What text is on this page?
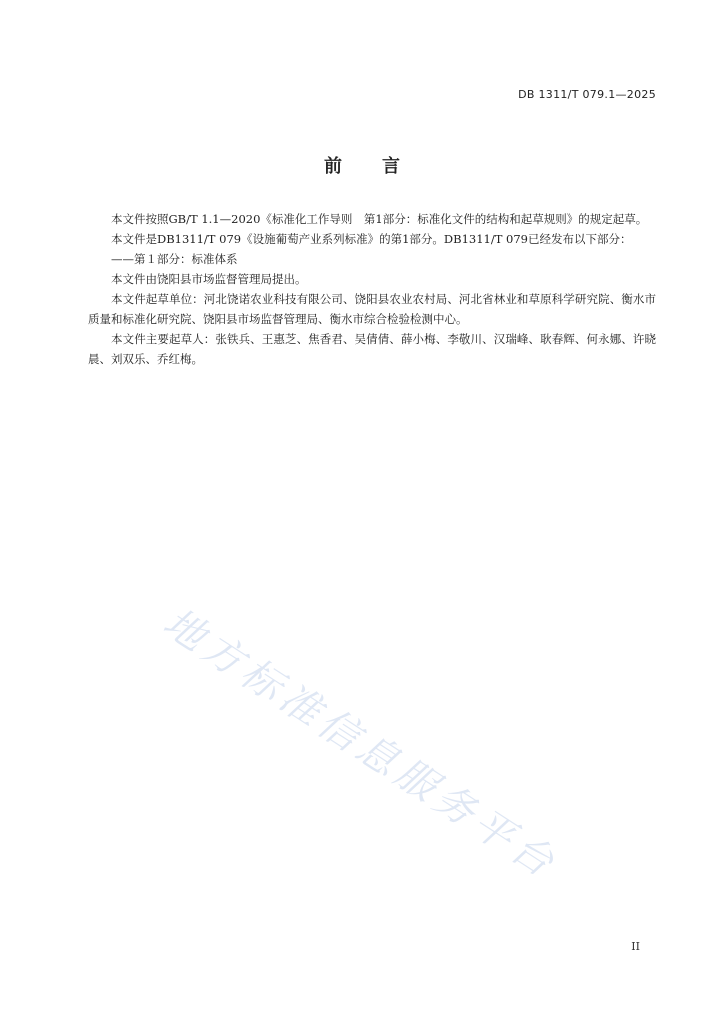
DB 1311/T 079.1—2025
前 言

本文件按照GB/T 1.1—2020《标准化工作导则　第1部分：标准化文件的结构和起草规则》的规定起草。

本文件是DB1311/T 079《设施葡萄产业系列标准》的第1部分。DB1311/T 079已经发布以下部分：

——第１部分：标准体系

本文件由饶阳县市场监督管理局提出。

本文件起草单位：河北饶诺农业科技有限公司、饶阳县农业农村局、河北省林业和草原科学研究院、衡水市质量和标准化研究院、饶阳县市场监督管理局、衡水市综合检验检测中心。

本文件主要起草人：张铁兵、王惠芝、焦香君、吴倩倩、薛小梅、李敬川、汉瑞峰、耿春辉、何永娜、许晓晨、刘双乐、乔红梅。

地方标准信息服务平台
II
